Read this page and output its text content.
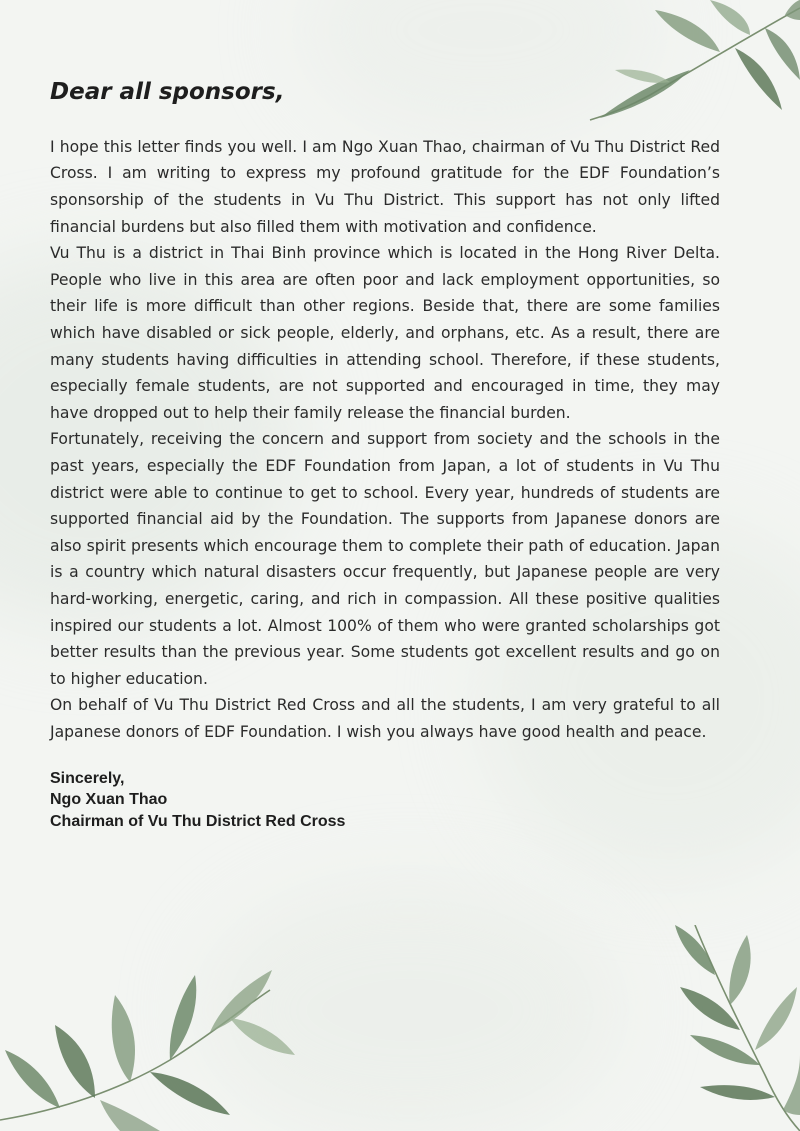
Dear all sponsors,

I hope this letter finds you well. I am Ngo Xuan Thao, chairman of Vu Thu District Red Cross. I am writing to express my profound gratitude for the EDF Foundation’s sponsorship of the students in Vu Thu District. This support has not only lifted financial burdens but also filled them with motivation and confidence.

Vu Thu is a district in Thai Binh province which is located in the Hong River Delta. People who live in this area are often poor and lack employment opportunities, so their life is more difficult than other regions. Beside that, there are some families which have disabled or sick people, elderly, and orphans, etc. As a result, there are many students having difficulties in attending school. Therefore, if these students, especially female students, are not supported and encouraged in time, they may have dropped out to help their family release the financial burden.

Fortunately, receiving the concern and support from society and the schools in the past years, especially the EDF Foundation from Japan, a lot of students in Vu Thu district were able to continue to get to school. Every year, hundreds of students are supported financial aid by the Foundation. The supports from Japanese donors are also spirit presents which encourage them to complete their path of education. Japan is a country which natural disasters occur frequently, but Japanese people are very hard-working, energetic, caring, and rich in compassion. All these positive qualities inspired our students a lot. Almost 100% of them who were granted scholarships got better results than the previous year. Some students got excellent results and go on to higher education.

On behalf of Vu Thu District Red Cross and all the students, I am very grateful to all Japanese donors of EDF Foundation. I wish you always have good health and peace.

Sincerely,
Ngo Xuan Thao
Chairman of Vu Thu District Red Cross
